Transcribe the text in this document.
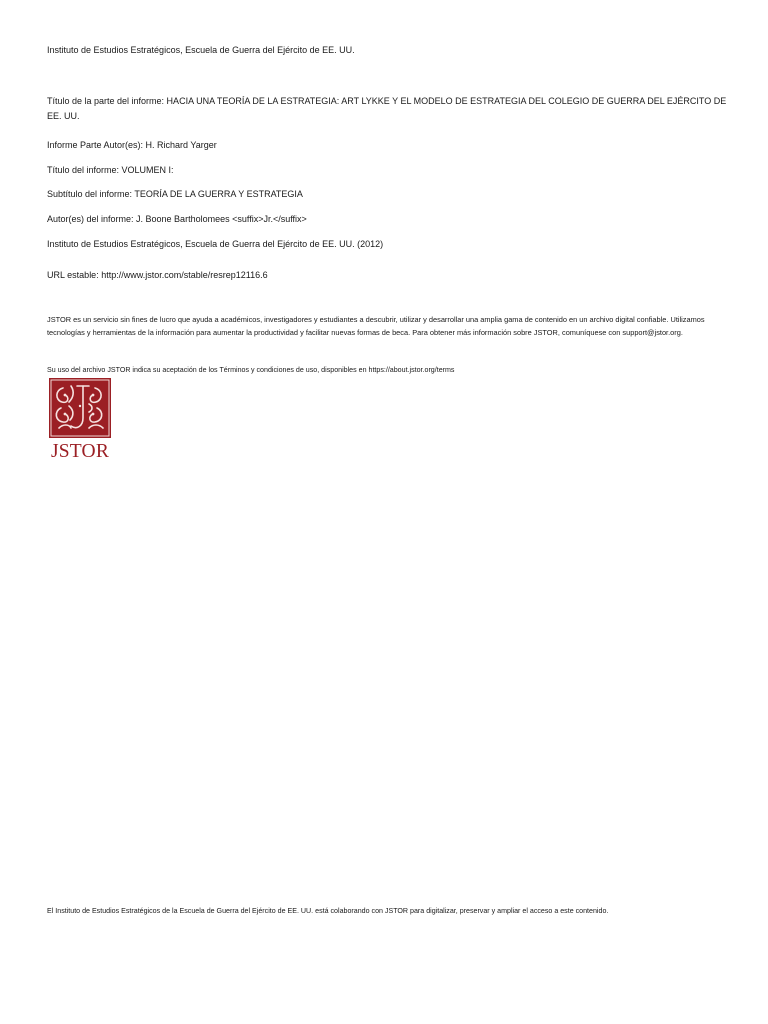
Instituto de Estudios Estratégicos, Escuela de Guerra del Ejército de EE. UU.
Título de la parte del informe: HACIA UNA TEORÍA DE LA ESTRATEGIA: ART LYKKE Y EL MODELO DE ESTRATEGIA DEL COLEGIO DE GUERRA DEL EJÉRCITO DE EE. UU.
Informe Parte Autor(es): H. Richard Yarger
Título del informe: VOLUMEN I:
Subtítulo del informe: TEORÍA DE LA GUERRA Y ESTRATEGIA
Autor(es) del informe: J. Boone Bartholomees <suffix>Jr.</suffix>
Instituto de Estudios Estratégicos, Escuela de Guerra del Ejército de EE. UU. (2012)
URL estable: http://www.jstor.com/stable/resrep12116.6
JSTOR es un servicio sin fines de lucro que ayuda a académicos, investigadores y estudiantes a descubrir, utilizar y desarrollar una amplia gama de contenido en un archivo digital confiable. Utilizamos tecnologías y herramientas de la información para aumentar la productividad y facilitar nuevas formas de beca. Para obtener más información sobre JSTOR, comuníquese con support@jstor.org.
Su uso del archivo JSTOR indica su aceptación de los Términos y condiciones de uso, disponibles en https://about.jstor.org/terms
JSTOR
El Instituto de Estudios Estratégicos de la Escuela de Guerra del Ejército de EE. UU. está colaborando con JSTOR para digitalizar, preservar y ampliar el acceso a este contenido.
